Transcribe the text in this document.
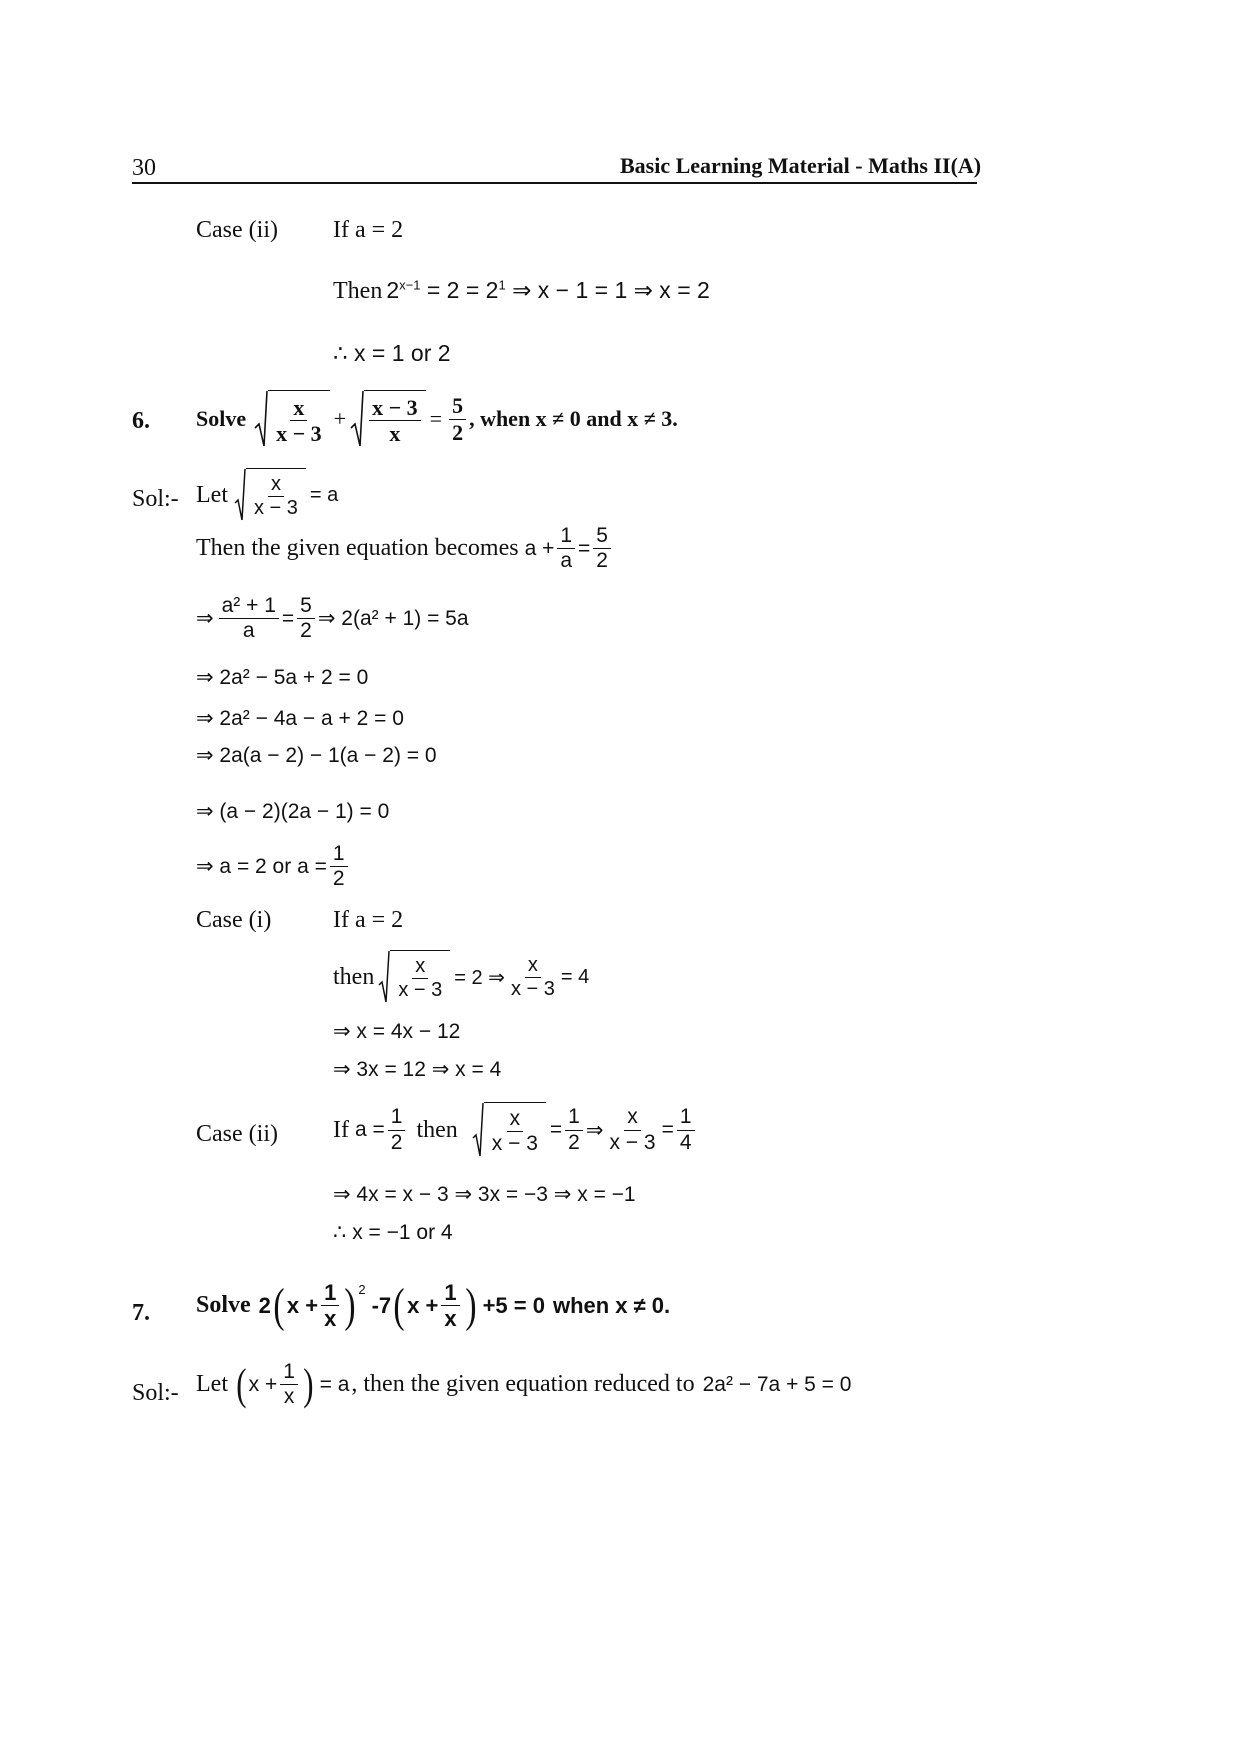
30	Basic Learning Material - Maths II(A)
Case (ii) If a = 2
Then $2^{x-1} = 2 = 2^1$ ⇒ x − 1 = 1 ⇒ x = 2
∴ x = 1 or 2
6. Solve $\frac{x}{x - 3} + \frac{x - 3}{x} = \frac{5}{2}$ , when x ≠ 0 and x ≠ 3.
Sol:- Let $\frac{x}{x - 3} = a$
Then the given equation becomes $a + \frac{1}{a} = \frac{5}{2}$
⇒ $\frac{\text{a² + 1}}{a} = \frac{5}{2}$ ⇒ 2(a² + 1) = 5a
⇒ 2a² − 5a + 2 = 0
⇒ 2a² − 4a − a + 2 = 0
⇒ 2a(a − 2) − 1(a − 2) = 0
⇒ (a − 2)(2a − 1) = 0
⇒ a = 2 or $a = \frac{1}{2}$
Case (i)	If a = 2
then $\frac{x}{x - 3} = 2$ ⇒ $\frac{x}{x - 3} = 4$
⇒ x = 4x − 12
⇒ 3x = 12 ⇒ x = 4
Case (ii) If $a = \frac{1}{2}$ then $\frac{x}{x - 3} = \frac{1}{2}$ ⇒ $\frac{x}{x - 3} = \frac{1}{4}$
⇒ 4x = x − 3 ⇒ 3x = −3 ⇒ x = −1
∴ x = −1 or 4
7. Solve 2 ( $x + \frac{1}{x}$ ) 2
-7 ( $x + \frac{1}{x}$ ) +5 = 0 when x ≠ 0.
Sol:- Let ( $x + \frac{1}{x}$ ) = a , then the given equation reduced to 2a² − 7a + 5 = 0
